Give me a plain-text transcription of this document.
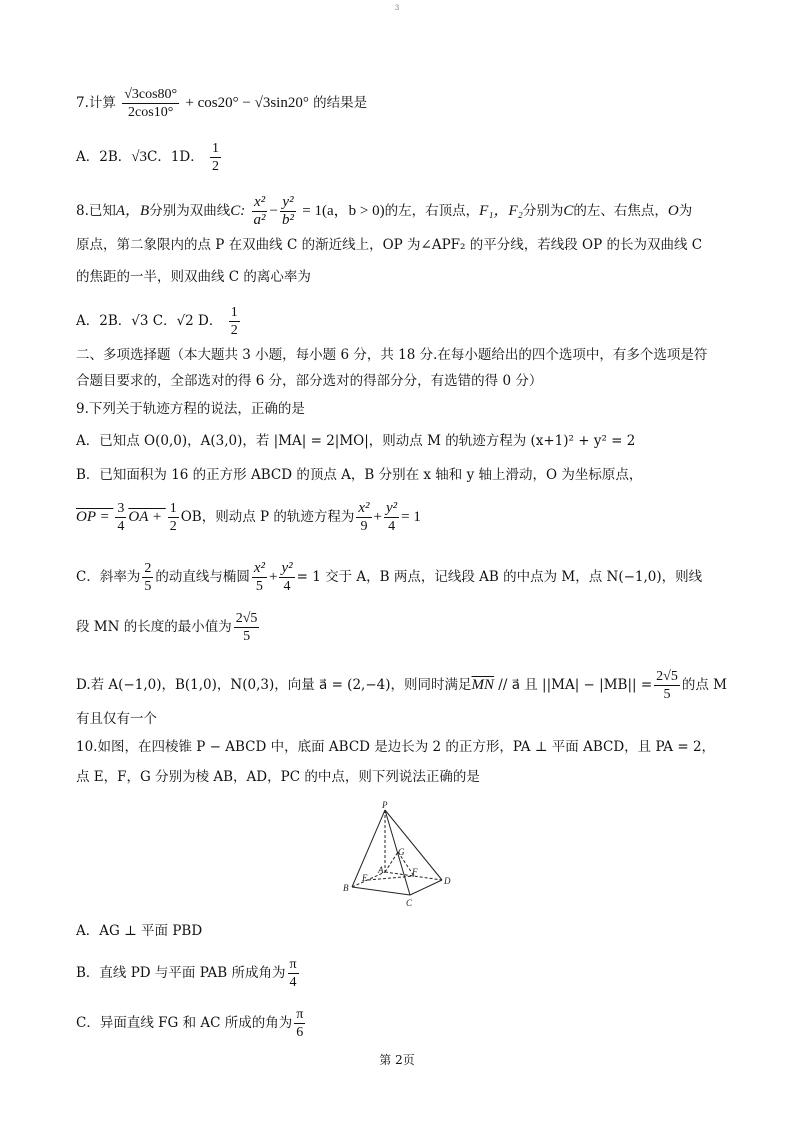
3
7.计算 $\frac{√3\cos 80^\circ}{2\cos 10^\circ} + \cos 20^\circ - √3\sin 20^\circ$ 的结果是
A．2B．√3C．1D． $\frac{1}{2}$
8.已知A，B分别为双曲线C: $\frac{\text{x²}}{\text{a²}} - \frac{\text{y²}}{\text{b²}} = 1(a$，b > 0)的左，右顶点，F₁，F₂分别为C的左、右焦点，O为
原点，第二象限内的点 P 在双曲线 C 的渐近线上，OP 为∠APF₂ 的平分线，若线段 OP 的长为双曲线 C
的焦距的一半，则双曲线 C 的离心率为
A．2B．√3 C．√2 D． $\frac{1}{2}$
二、多项选择题（本大题共 3 小题，每小题 6 分，共 18 分.在每小题给出的四个选项中，有多个选项是符
合题目要求的，全部选对的得 6 分，部分选对的得部分分，有选错的得 0 分）
9.下列关于轨迹方程的说法，正确的是
A．已知点 O(0,0)，A(3,0)，若 |MA| = 2|MO|，则动点 M 的轨迹方程为 (x+1)² + y² = 2
B．已知面积为 16 的正方形 ABCD 的顶点 A，B 分别在 x 轴和 y 轴上滑动，O 为坐标原点，
OP = $\frac{3}{4}$ OA + $\frac{1}{2}$ OB，则动点 P 的轨迹方程为 $\frac{\text{x²}}{9} + \frac{\text{y²}}{4} = 1$
C．斜率为 $\frac{2}{5}$ 的动直线与椭圆 $\frac{\text{x²}}{5} + \frac{\text{y²}}{4} = 1$ 交于 A，B 两点，记线段 AB 的中点为 M，点 N(−1,0)，则线
段 MN 的长度的最小值为 $\frac{2√5}{5}$
D.若 A(−1,0)，B(1,0)，N(0,3)，向量 a⃗ = (2,−4)，则同时满足$\overline{MN}$ // a⃗ 且 $||MA| - |MB|| = \frac{2√5}{5}$ 的点 M
有且仅有一个
10.如图，在四棱锥 P − ABCD 中，底面 ABCD 是边长为 2 的正方形，PA ⊥ 平面 ABCD，且 PA = 2，
点 E，F，G 分别为棱 AB，AD，PC 的中点，则下列说法正确的是
P
G
A
E
F
B
C
D
A．AG ⊥ 平面 PBD
B．直线 PD 与平面 PAB 所成角为 $\frac{\pi}{4}$
C．异面直线 FG 和 AC 所成的角为 $\frac{\pi}{6}$
第 2页
